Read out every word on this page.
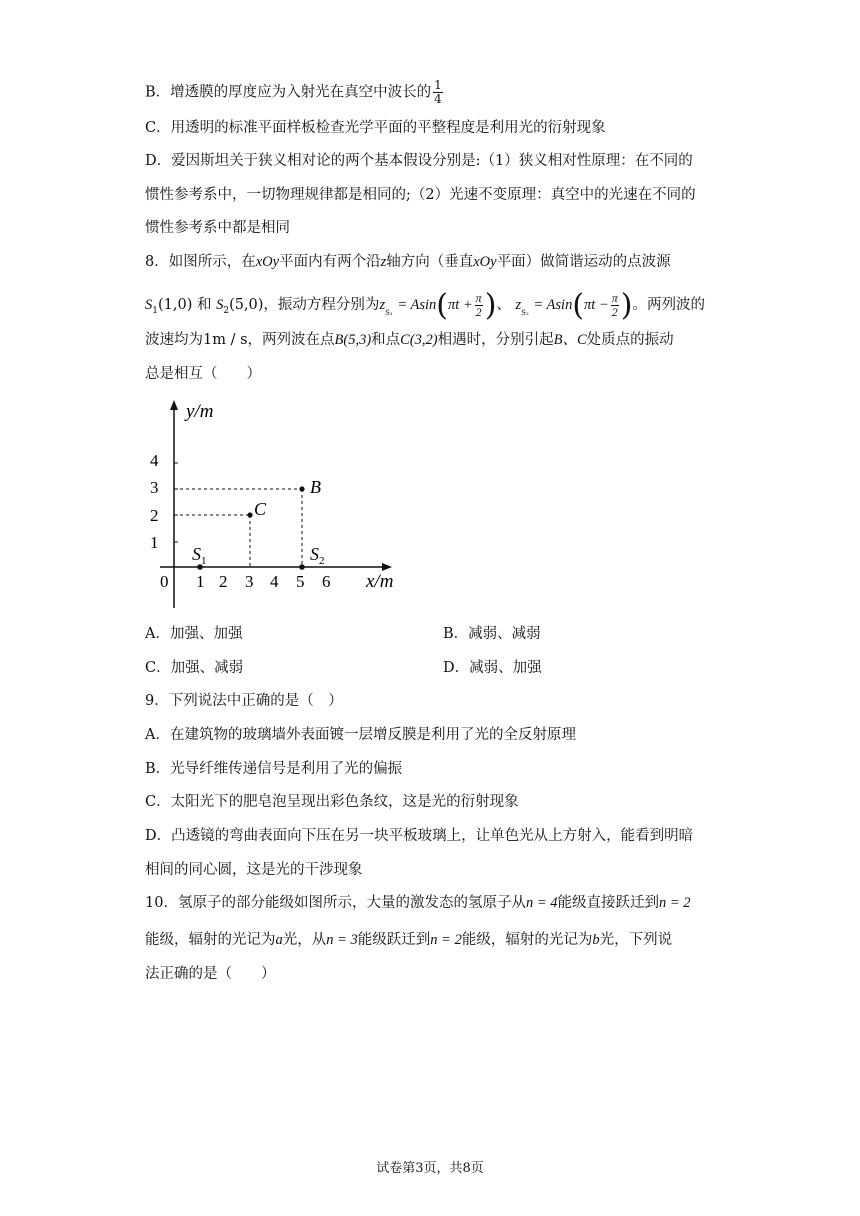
B．增透膜的厚度应为入射光在真空中波长的 $\frac{1}{4}$
C．用透明的标准平面样板检查光学平面的平整程度是利用光的衍射现象
D．爱因斯坦关于狭义相对论的两个基本假设分别是:（1）狭义相对性原理：在不同的
惯性参考系中，一切物理规律都是相同的;（2）光速不变原理：真空中的光速在不同的
惯性参考系中都是相同
8．如图所示，在xOy平面内有两个沿z轴方向（垂直xOy平面）做简谐运动的点波源
$S_1(1,0)$ 和 $S_2(5,0)$，振动方程分别为$z_{S_1} = Asin(\pi t + \frac{\pi}{2}$ )、 $z_{S_2} = Asin(\pi t - \frac{\pi}{2}$ )。两列波的
波速均为1m / s，两列波在点B(5,3)和点C(3,2)相遇时，分别引起B、C处质点的振动
总是相互（　　）
y/m
x/m
0
1
2
3
4
1 2 3 4 5 6
B
C
$S_1$	$S_2$
A．加强、加强	B．减弱、减弱
C．加强、减弱	D．减弱、加强
9．下列说法中正确的是（　）
A．在建筑物的玻璃墙外表面镀一层增反膜是利用了光的全反射原理
B．光导纤维传递信号是利用了光的偏振
C．太阳光下的肥皂泡呈现出彩色条纹，这是光的衍射现象
D．凸透镜的弯曲表面向下压在另一块平板玻璃上，让单色光从上方射入，能看到明暗
相间的同心圆，这是光的干涉现象
10．氢原子的部分能级如图所示，大量的激发态的氢原子从n = 4能级直接跃迁到n = 2
能级，辐射的光记为a光，从n = 3能级跃迁到n = 2能级，辐射的光记为b光，下列说
法正确的是（　　）
试卷第3页，共8页
